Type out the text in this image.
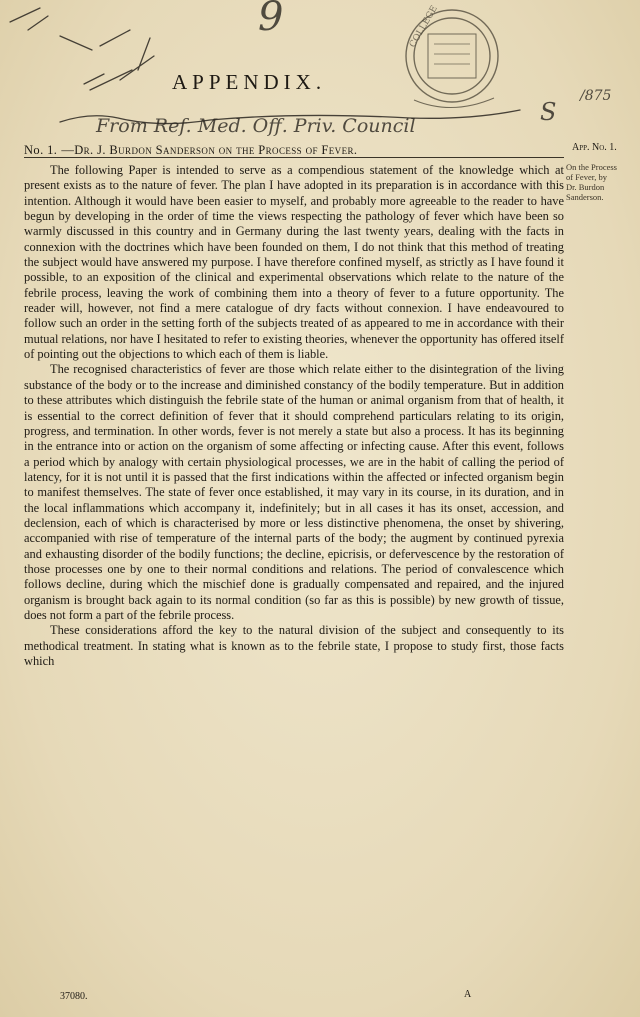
COLLEGE
9
From Ref. Med. Off. Priv. Council	S
/875
APPENDIX.
No. 1. —Dr. J. Burdon Sanderson on the Process of Fever.	App. No. 1.
On the Process
of Fever, by
Dr. Burdon
Sanderson.

The following Paper is intended to serve as a compendious statement of the knowledge which at present exists as to the nature of fever. The plan I have adopted in its preparation is in accordance with this intention. Although it would have been easier to myself, and probably more agreeable to the reader to have begun by developing in the order of time the views respecting the pathology of fever which have been so warmly discussed in this country and in Germany during the last twenty years, dealing with the facts in connexion with the doctrines which have been founded on them, I do not think that this method of treating the subject would have answered my purpose. I have therefore confined myself, as strictly as I have found it possible, to an exposition of the clinical and experimental observations which relate to the nature of the febrile process, leaving the work of combining them into a theory of fever to a future opportunity. The reader will, however, not find a mere catalogue of dry facts without connexion. I have endeavoured to follow such an order in the setting forth of the subjects treated of as appeared to me in accordance with their mutual relations, nor have I hesitated to refer to existing theories, whenever the opportunity has offered itself of pointing out the objections to which each of them is liable.

The recognised characteristics of fever are those which relate either to the disintegration of the living substance of the body or to the increase and diminished constancy of the bodily temperature. But in addition to these attributes which distinguish the febrile state of the human or animal organism from that of health, it is essential to the correct definition of fever that it should comprehend particulars relating to its origin, progress, and termination. In other words, fever is not merely a state but also a process. It has its beginning in the entrance into or action on the organism of some affecting or infecting cause. After this event, follows a period which by analogy with certain physiological processes, we are in the habit of calling the period of latency, for it is not until it is passed that the first indications within the affected or infected organism begin to manifest themselves. The state of fever once established, it may vary in its course, in its duration, and in the local inflammations which accompany it, indefinitely; but in all cases it has its onset, accession, and declension, each of which is characterised by more or less distinctive phenomena, the onset by shivering, accompanied with rise of temperature of the internal parts of the body; the augment by continued pyrexia and exhausting disorder of the bodily functions; the decline, epicrisis, or defervescence by the restoration of those processes one by one to their normal conditions and relations. The period of convalescence which follows decline, during which the mischief done is gradually compensated and repaired, and the injured organism is brought back again to its normal condition (so far as this is possible) by new growth of tissue, does not form a part of the febrile process.

These considerations afford the key to the natural division of the subject and consequently to its methodical treatment. In stating what is known as to the febrile state, I propose to study first, those facts which

37080.	A
